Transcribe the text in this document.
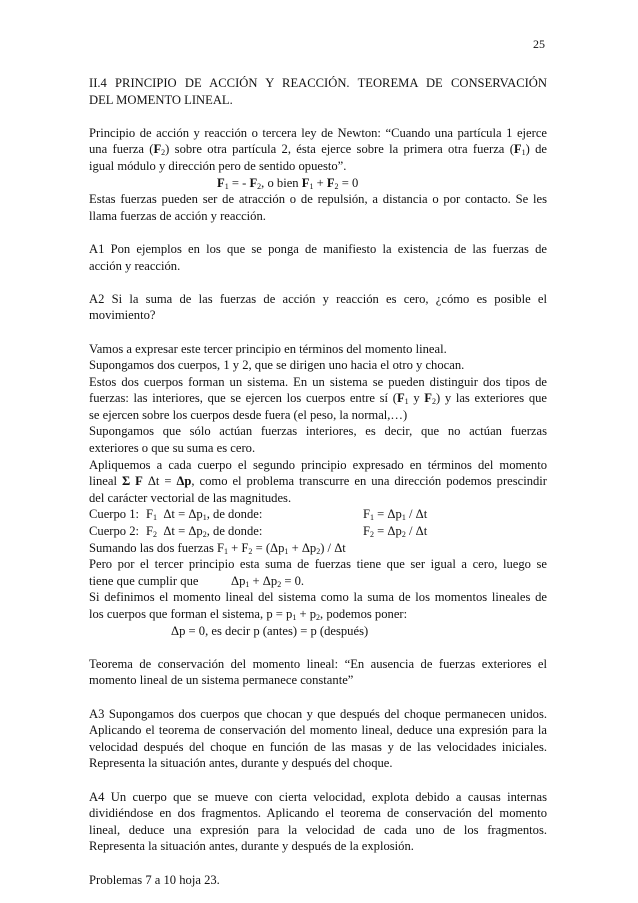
25
II.4 PRINCIPIO DE ACCIÓN Y REACCIÓN. TEOREMA DE CONSERVACIÓN
DEL MOMENTO LINEAL.
Principio de acción y reacción o tercera ley de Newton: “Cuando una partícula 1 ejerce
una fuerza $(F_2)$ sobre otra partícula 2, ésta ejerce sobre la primera otra fuerza $(F_1)$ de
igual módulo y dirección pero de sentido opuesto”.
$F_1$ = - $F_2$, o bien $F_1 + F_2 = 0$
Estas fuerzas pueden ser de atracción o de repulsión, a distancia o por contacto. Se les
llama fuerzas de acción y reacción.
A1 Pon ejemplos en los que se ponga de manifiesto la existencia de las fuerzas de
acción y reacción.
A2 Si la suma de las fuerzas de acción y reacción es cero, ¿cómo es posible el
movimiento?
Vamos a expresar este tercer principio en términos del momento lineal.
Supongamos dos cuerpos, 1 y 2, que se dirigen uno hacia el otro y chocan.
Estos dos cuerpos forman un sistema. En un sistema se pueden distinguir dos tipos de
fuerzas: las interiores, que se ejercen los cuerpos entre sí ($F_1$ y $F_2$) y las exteriores que
se ejercen sobre los cuerpos desde fuera (el peso, la normal,…)
Supongamos que sólo actúan fuerzas interiores, es decir, que no actúan fuerzas
exteriores o que su suma es cero.
Apliquemos a cada cuerpo el segundo principio expresado en términos del momento
lineal Σ F Δt = Δp, como el problema transcurre en una dirección podemos prescindir
del carácter vectorial de las magnitudes.
Cuerpo 1: $F_1$ $\Delta t = \Delta p_1$, de donde:	$F_1 = \Delta p_1 / \Delta t$
Cuerpo 2: $F_2$ $\Delta t = \Delta p_2$, de donde:	$F_2 = \Delta p_2 / \Delta t$
Sumando las dos fuerzas $F_1 + F_2 = (\Delta p_1 + \Delta p_2) / \Delta t$
Pero por el tercer principio esta suma de fuerzas tiene que ser igual a cero, luego se
tiene que cumplir que	$\Delta p_1 + \Delta p_2 = 0$.
Si definimos el momento lineal del sistema como la suma de los momentos lineales de
los cuerpos que forman el sistema, $p = p_1 + p_2$, podemos poner:
Δp = 0, es decir p (antes) = p (después)
Teorema de conservación del momento lineal: “En ausencia de fuerzas exteriores el
momento lineal de un sistema permanece constante”
A3 Supongamos dos cuerpos que chocan y que después del choque permanecen unidos.
Aplicando el teorema de conservación del momento lineal, deduce una expresión para la
velocidad después del choque en función de las masas y de las velocidades iniciales.
Representa la situación antes, durante y después del choque.
A4 Un cuerpo que se mueve con cierta velocidad, explota debido a causas internas
dividiéndose en dos fragmentos. Aplicando el teorema de conservación del momento
lineal, deduce una expresión para la velocidad de cada uno de los fragmentos.
Representa la situación antes, durante y después de la explosión.
Problemas 7 a 10 hoja 23.
